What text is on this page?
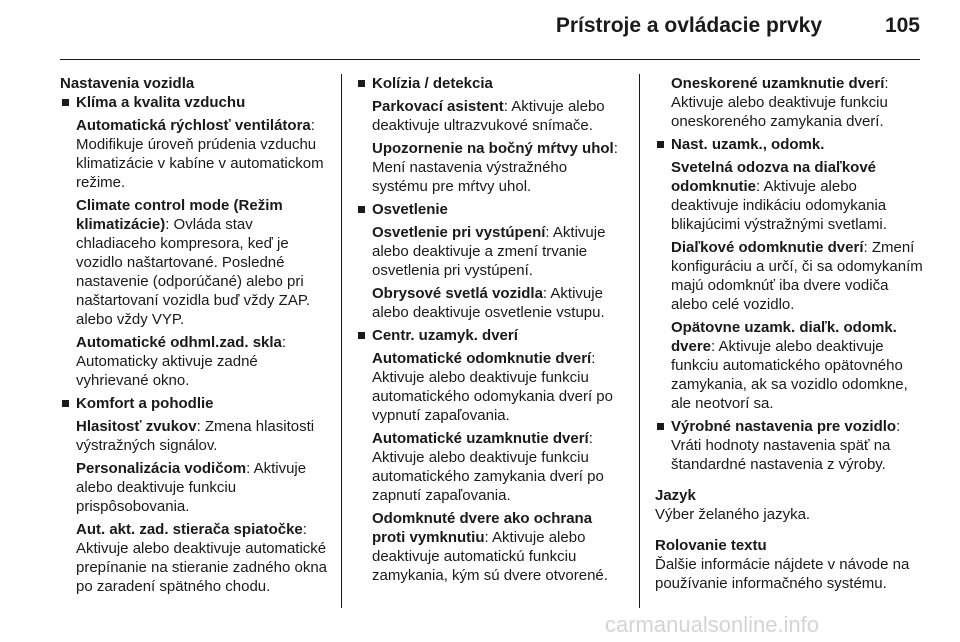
Prístroje a ovládacie prvky	105
Nastavenia vozidla
Klíma a kvalita vzduchu
Automatická rýchlosť ventilátora: Modifikuje úroveň prúdenia vzduchu klimatizácie v kabíne v automatickom režime.
Climate control mode (Režim klimatizácie): Ovláda stav chladiaceho kompresora, keď je vozidlo naštartované. Posledné nastavenie (odporúčané) alebo pri naštartovaní vozidla buď vždy ZAP. alebo vždy VYP.
Automatické odhml.zad. skla: Automaticky aktivuje zadné vyhrievané okno.
Komfort a pohodlie
Hlasitosť zvukov: Zmena hlasitosti výstražných signálov.
Personalizácia vodičom: Aktivuje alebo deaktivuje funkciu prispôsobovania.
Aut. akt. zad. stierača spiatočke: Aktivuje alebo deaktivuje automatické prepínanie na stieranie zadného okna po zaradení spätného chodu.
Kolízia / detekcia
Parkovací asistent: Aktivuje alebo deaktivuje ultrazvukové snímače.
Upozornenie na bočný mŕtvy uhol: Mení nastavenia výstražného systému pre mŕtvy uhol.
Osvetlenie
Osvetlenie pri vystúpení: Aktivuje alebo deaktivuje a zmení trvanie osvetlenia pri vystúpení.
Obrysové svetlá vozidla: Aktivuje alebo deaktivuje osvetlenie vstupu.
Centr. uzamyk. dverí
Automatické odomknutie dverí: Aktivuje alebo deaktivuje funkciu automatického odomykania dverí po vypnutí zapaľovania.
Automatické uzamknutie dverí: Aktivuje alebo deaktivuje funkciu automatického zamykania dverí po zapnutí zapaľovania.
Odomknuté dvere ako ochrana proti vymknutiu: Aktivuje alebo deaktivuje automatickú funkciu zamykania, kým sú dvere otvorené.
Oneskorené uzamknutie dverí: Aktivuje alebo deaktivuje funkciu oneskoreného zamykania dverí.
Nast. uzamk., odomk.
Svetelná odozva na diaľkové odomknutie: Aktivuje alebo deaktivuje indikáciu odomykania blikajúcimi výstražnými svetlami.
Diaľkové odomknutie dverí: Zmení konfiguráciu a určí, či sa odomykaním majú odomknúť iba dvere vodiča alebo celé vozidlo.
Opätovne uzamk. diaľk. odomk. dvere: Aktivuje alebo deaktivuje funkciu automatického opätovného zamykania, ak sa vozidlo odomkne, ale neotvorí sa.
Výrobné nastavenia pre vozidlo: Vráti hodnoty nastavenia späť na štandardné nastavenia z výroby.
Jazyk
Výber želaného jazyka.
Rolovanie textu
Ďalšie informácie nájdete v návode na používanie informačného systému.
carmanualsonline.info
